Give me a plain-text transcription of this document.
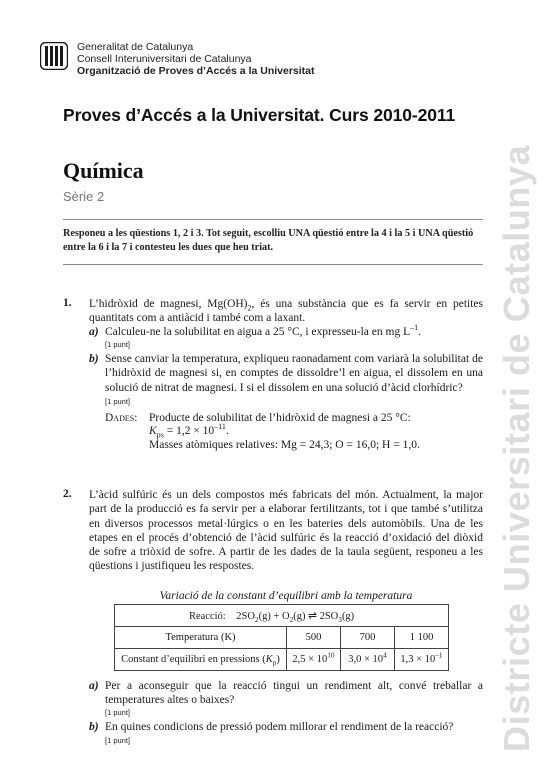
Generalitat de Catalunya
Consell Interuniversitari de Catalunya
Organització de Proves d’Accés a la Universitat
Proves d’Accés a la Universitat. Curs 2010-2011
Química
Sèrie 2
Responeu a les qüestions 1, 2 i 3. Tot seguit, escolliu UNA qüestió entre la 4 i la 5 i UNA qüestió entre la 6 i la 7 i contesteu les dues que heu triat.	Districte Universitari de Catalunya
1. L’hidròxid de magnesi, $Mg(OH)_2$, és una substància que es fa servir en petites quantitats com a antiàcid i també com a laxant.
a) Calculeu-ne la solubilitat en aigua a 25 °C, i expresseu-la en mg $L^{-1}$.
[1 punt]
b) Sense canviar la temperatura, expliqueu raonadament com variarà la solubilitat de l’hidròxid de magnesi si, en comptes de dissoldre’l en aigua, el dissolem en una solució de nitrat de magnesi. I si el dissolem en una solució d’àcid clorhídric?
[1 punt]
Dades: Producte de solubilitat de l’hidròxid de magnesi a 25 °C:
$K_{ps} = 1,2 \times 10^{-11}$.
Masses atòmiques relatives: Mg = 24,3; O = 16,0; H = 1,0.
2. L’àcid sulfúric és un dels compostos més fabricats del món. Actualment, la major part de la producció es fa servir per a elaborar fertilitzants, tot i que també s’utilitza en diversos processos metal·lúrgics o en les bateries dels automòbils. Una de les etapes en el procés d’obtenció de l’àcid sulfúric és la reacció d’oxidació del diòxid de sofre a triòxid de sofre. A partir de les dades de la taula següent, responeu a les qüestions i justifiqueu les respostes.
Variació de la constant d’equilibri amb la temperatura
Reacció: $2SO_2(g) + O_2(g)$ ⇌ $2SO_3(g)$			
Temperatura (K)	500	700	1 100
Constant d’equilibri en pressions $(K_p)$	$2,5 \times 10^{10}$	$3,0 \times 10^4$	$1,3 \times 10^{-1}$
a) Per a aconseguir que la reacció tingui un rendiment alt, convé treballar a temperatures altes o baixes?
[1 punt]
b) En quines condicions de pressió podem millorar el rendiment de la reacció?
[1 punt]
